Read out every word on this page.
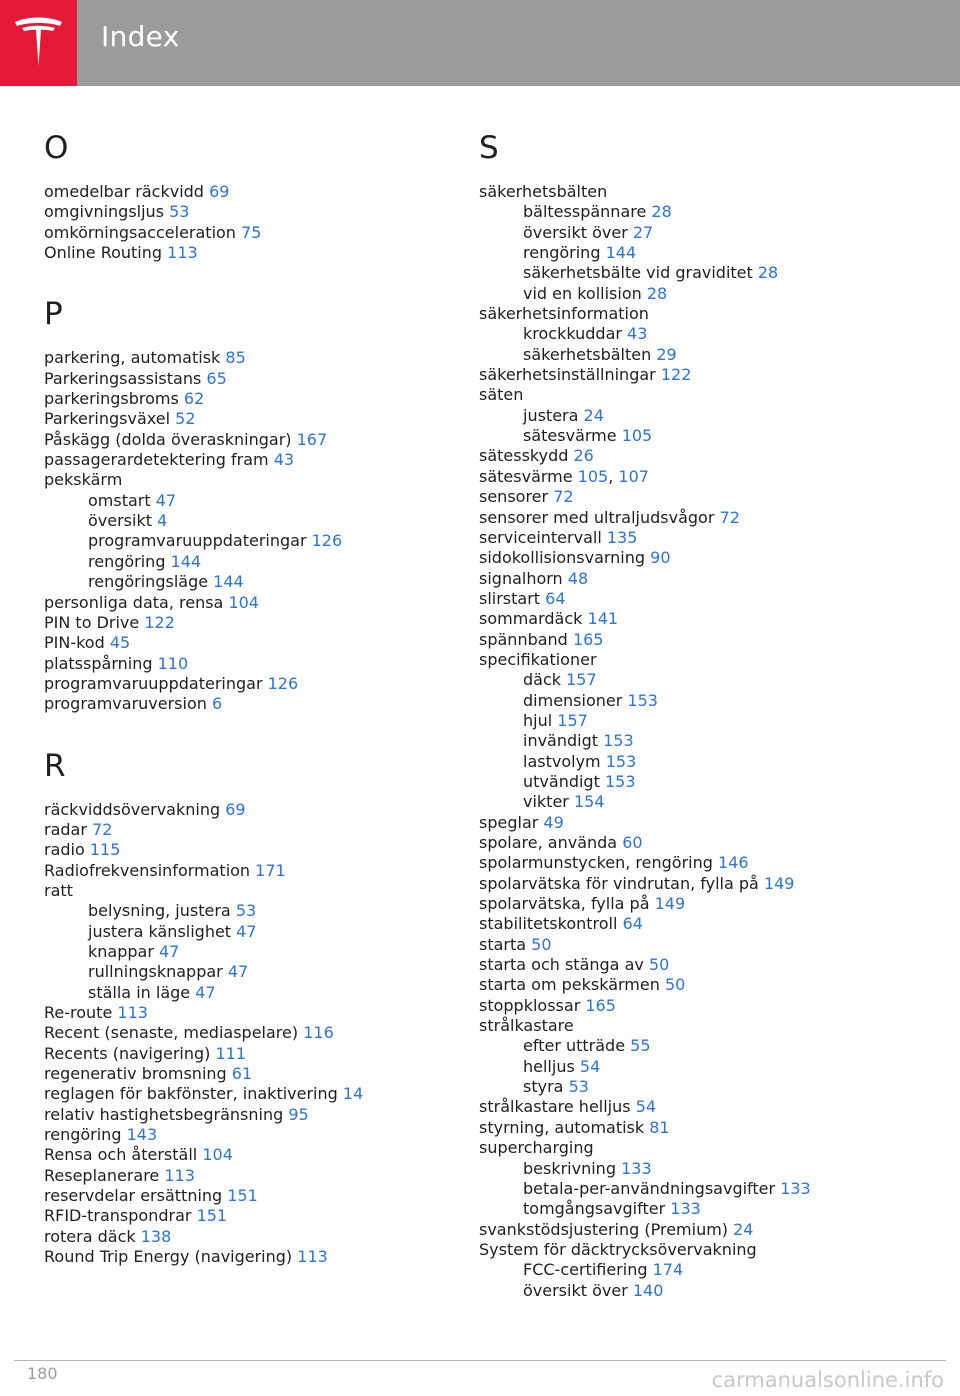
Index
O
omedelbar räckvidd 69
omgivningsljus 53
omkörningsacceleration 75
Online Routing 113
P
parkering, automatisk 85
Parkeringsassistans 65
parkeringsbroms 62
Parkeringsväxel 52
Påskägg (dolda överaskningar) 167
passagerardetektering fram 43
pekskärm
omstart 47
översikt 4
programvaruuppdateringar 126
rengöring 144
rengöringsläge 144
personliga data, rensa 104
PIN to Drive 122
PIN-kod 45
platsspårning 110
programvaruuppdateringar 126
programvaruversion 6
R
räckviddsövervakning 69
radar 72
radio 115
Radiofrekvensinformation 171
ratt
belysning, justera 53
justera känslighet 47
knappar 47
rullningsknappar 47
ställa in läge 47
Re-route 113
Recent (senaste, mediaspelare) 116
Recents (navigering) 111
regenerativ bromsning 61
reglagen för bakfönster, inaktivering 14
relativ hastighetsbegränsning 95
rengöring 143
Rensa och återställ 104
Reseplanerare 113
reservdelar ersättning 151
RFID-transpondrar 151
rotera däck 138
Round Trip Energy (navigering) 113
S
säkerhetsbälten
bältesspännare 28
översikt över 27
rengöring 144
säkerhetsbälte vid graviditet 28
vid en kollision 28
säkerhetsinformation
krockkuddar 43
säkerhetsbälten 29
säkerhetsinställningar 122
säten
justera 24
sätesvärme 105
sätesskydd 26
sätesvärme 105, 107
sensorer 72
sensorer med ultraljudsvågor 72
serviceintervall 135
sidokollisionsvarning 90
signalhorn 48
slirstart 64
sommardäck 141
spännband 165
specifikationer
däck 157
dimensioner 153
hjul 157
invändigt 153
lastvolym 153
utvändigt 153
vikter 154
speglar 49
spolare, använda 60
spolarmunstycken, rengöring 146
spolarvätska för vindrutan, fylla på 149
spolarvätska, fylla på 149
stabilitetskontroll 64
starta 50
starta och stänga av 50
starta om pekskärmen 50
stoppklossar 165
strålkastare
efter utträde 55
helljus 54
styra 53
strålkastare helljus 54
styrning, automatisk 81
supercharging
beskrivning 133
betala-per-användningsavgifter 133
tomgångsavgifter 133
svankstödsjustering (Premium) 24
System för däcktrycksövervakning
FCC-certifiering 174
översikt över 140
180	carmanualsonline.info
